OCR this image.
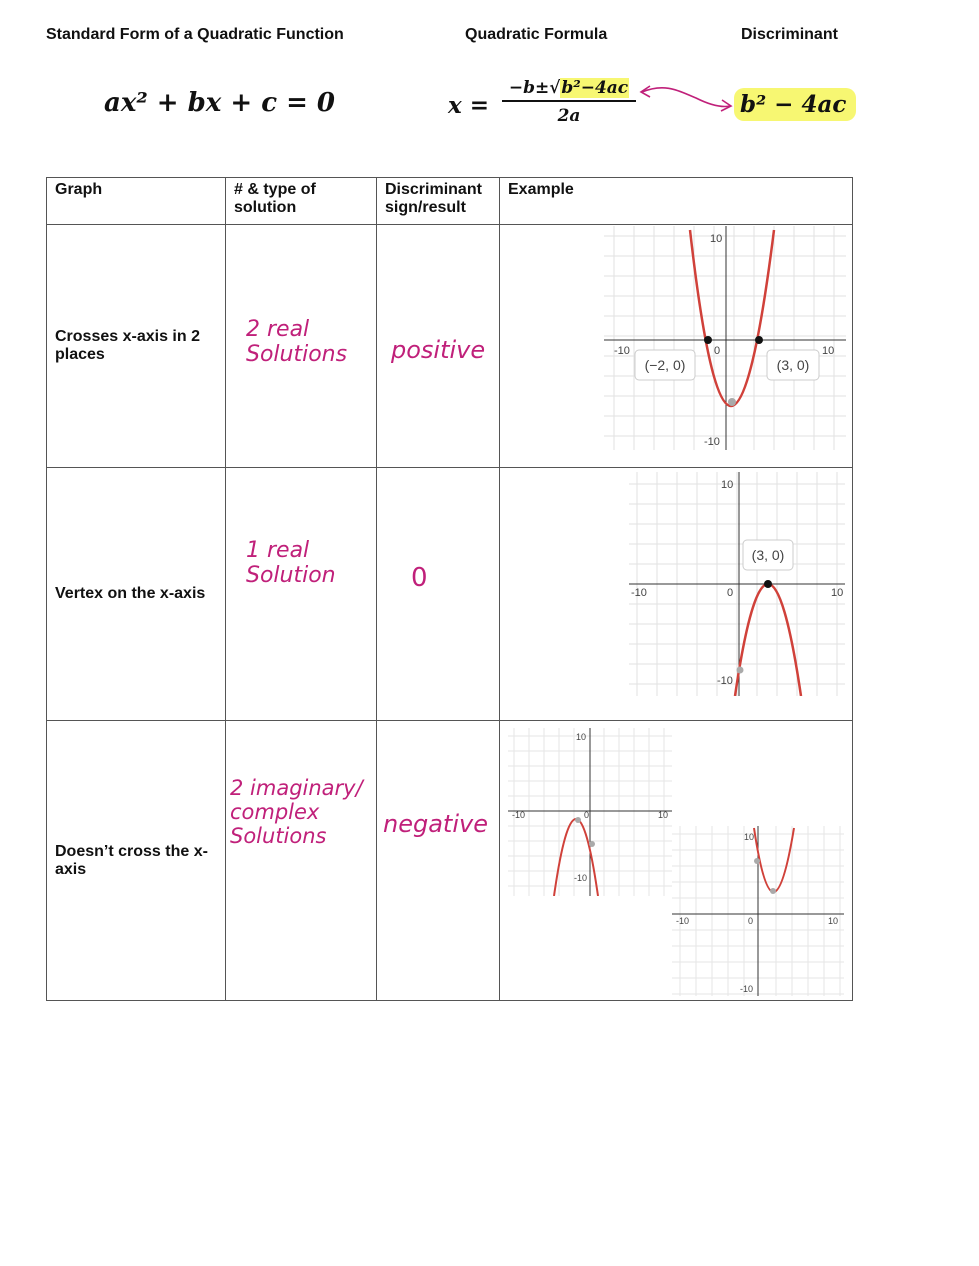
Standard Form of a Quadratic Function	Quadratic Formula	Discriminant
ax² + bx + c = 0	x =
−b±√b²−4ac
2a	b² − 4ac
Graph	# & type of solution	Discriminant sign/result	Example
Crosses x-axis in 2 places	2 real Solutions	positive	

Vertex on the x-axis	1 real Solution	0	

Doesn’t cross the x-axis	2 imaginary/ complex Solutions	negative	

10
-10
-10	10
0
(−2, 0)	(3, 0)
10
-10
-10	10
0
(3, 0)
10
-10
-10	10
0
10
-10
-10	10
0
